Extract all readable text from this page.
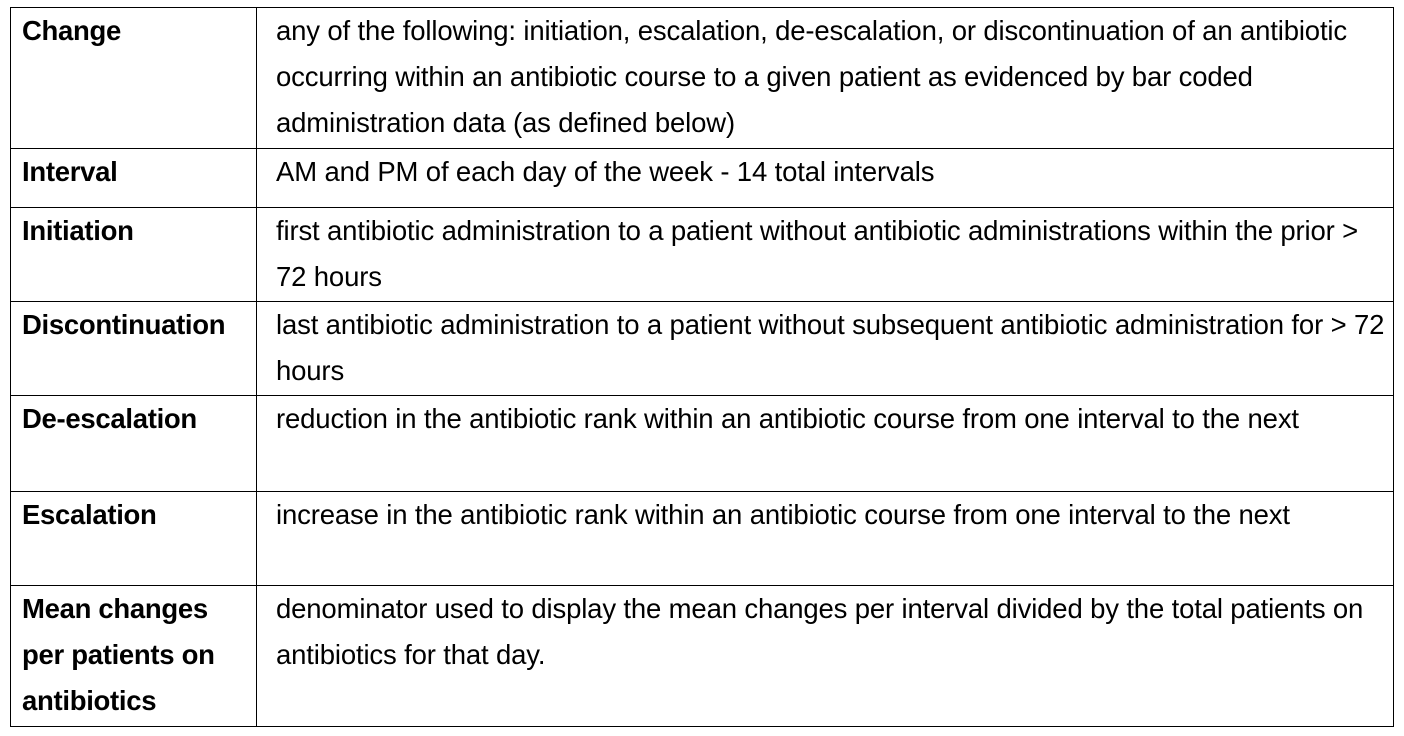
Change	any of the following: initiation, escalation, de-escalation, or discontinuation of an antibiotic occurring within an antibiotic course to a given patient as evidenced by bar coded administration data (as defined below)
Interval	AM and PM of each day of the week - 14 total intervals
Initiation	first antibiotic administration to a patient without antibiotic administrations within the prior > 72 hours
Discontinuation	last antibiotic administration to a patient without subsequent antibiotic administration for > 72 hours
De-escalation	reduction in the antibiotic rank within an antibiotic course from one interval to the next
Escalation	increase in the antibiotic rank within an antibiotic course from one interval to the next
Mean changes per patients on antibiotics	denominator used to display the mean changes per interval divided by the total patients on antibiotics for that day.
